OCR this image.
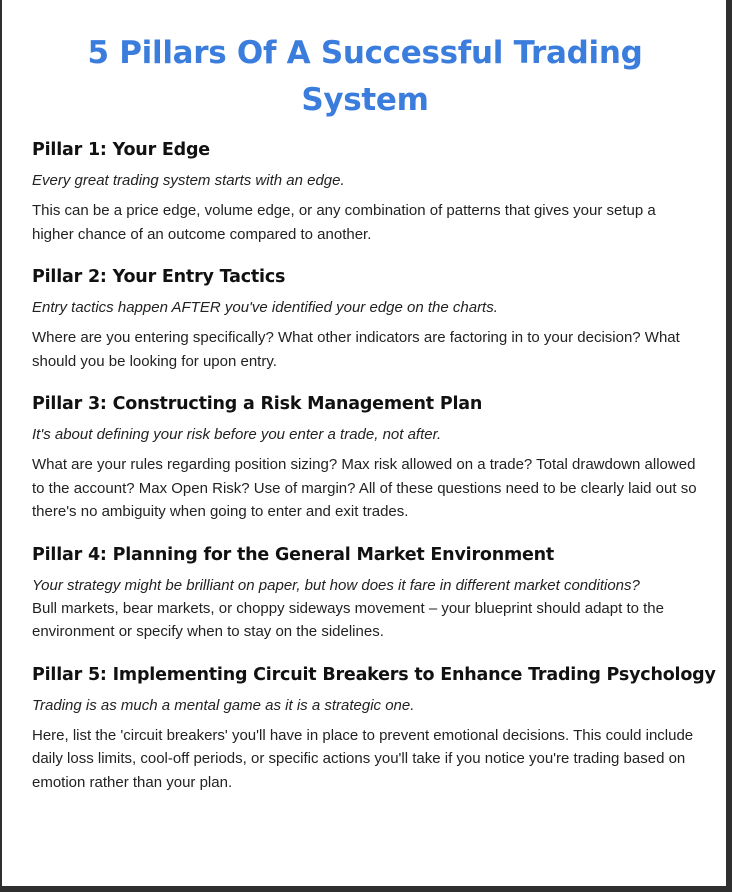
5 Pillars Of A Successful Trading System
Pillar 1: Your Edge

Every great trading system starts with an edge.

This can be a price edge, volume edge, or any combination of patterns that gives your setup a higher chance of an outcome compared to another.

Pillar 2: Your Entry Tactics

Entry tactics happen AFTER you've identified your edge on the charts.

Where are you entering specifically? What other indicators are factoring in to your decision? What should you be looking for upon entry.

Pillar 3: Constructing a Risk Management Plan

It's about defining your risk before you enter a trade, not after.

What are your rules regarding position sizing? Max risk allowed on a trade? Total drawdown allowed to the account? Max Open Risk? Use of margin? All of these questions need to be clearly laid out so there's no ambiguity when going to enter and exit trades.

Pillar 4: Planning for the General Market Environment

Your strategy might be brilliant on paper, but how does it fare in different market conditions?

Bull markets, bear markets, or choppy sideways movement – your blueprint should adapt to the environment or specify when to stay on the sidelines.

Pillar 5: Implementing Circuit Breakers to Enhance Trading Psychology

Trading is as much a mental game as it is a strategic one.

Here, list the 'circuit breakers' you'll have in place to prevent emotional decisions. This could include daily loss limits, cool-off periods, or specific actions you'll take if you notice you're trading based on emotion rather than your plan.
